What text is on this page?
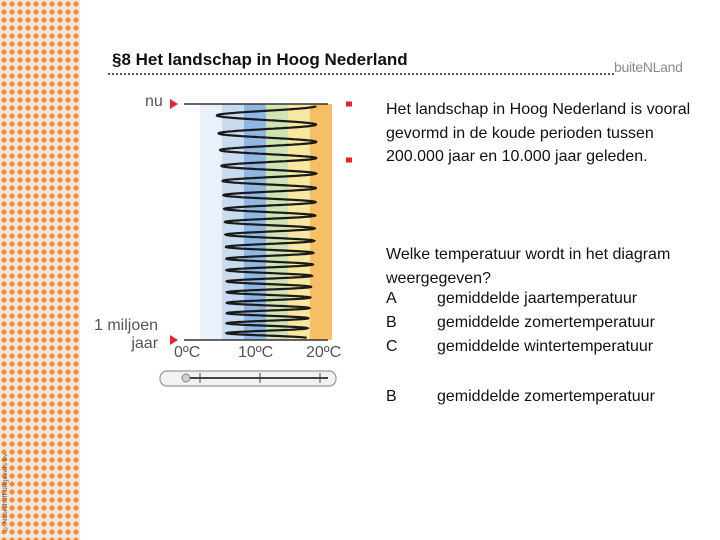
© Noordhoff Uitgevers bv
§8 Het landschap in Hoog Nederland	buiteNLand
nu
1 miljoen
jaar
0ºC 10ºC 20ºC
Het landschap in Hoog Nederland is vooral gevormd in de koude perioden tussen 200.000 jaar en 10.000 jaar geleden.
Welke temperatuur wordt in het diagram weergegeven?
A	gemiddelde jaartemperatuur
B	gemiddelde zomertemperatuur
C gemiddelde wintertemperatuur
B	gemiddelde zomertemperatuur
